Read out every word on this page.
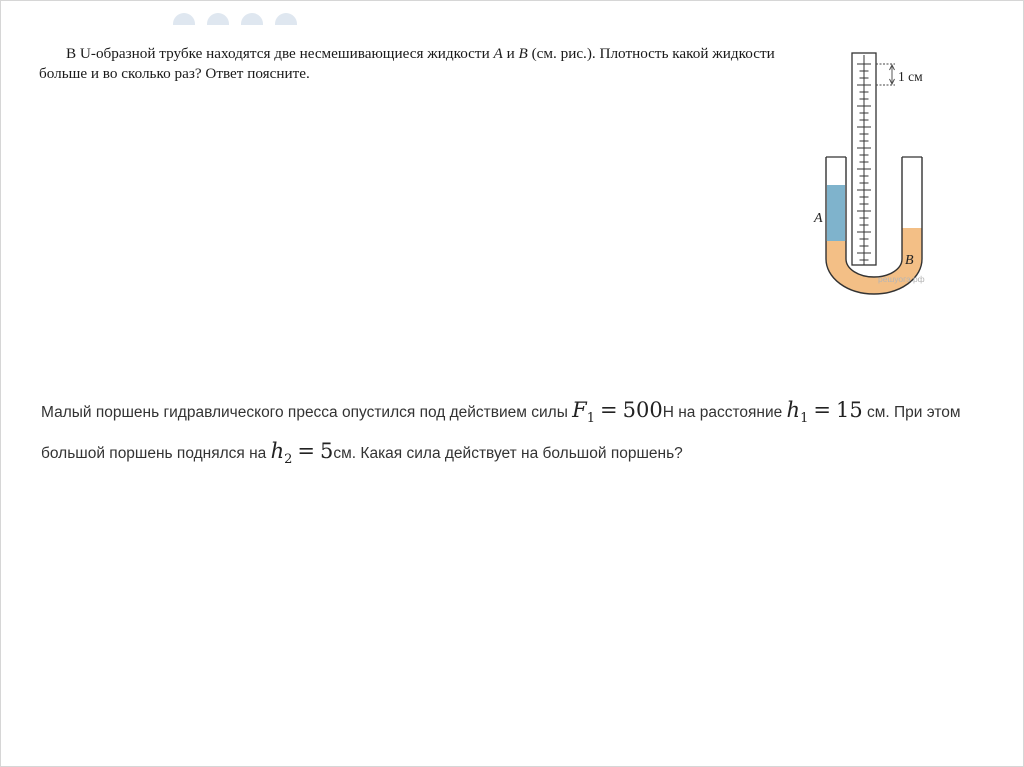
В U-образной трубке находятся две несмешивающиеся жидкости A и B (см. рис.). Плотность какой жидкости больше и во сколько раз? Ответ поясните.	1 см
A
B
решуогэ.рф

Малый поршень гидравлического пресса опустился под действием силы $F_1 = 500Н$ на расстояние $h_1 = 15$ см. При этом большой поршень поднялся на $h_2 = 5см$. Какая сила действует на большой поршень?
